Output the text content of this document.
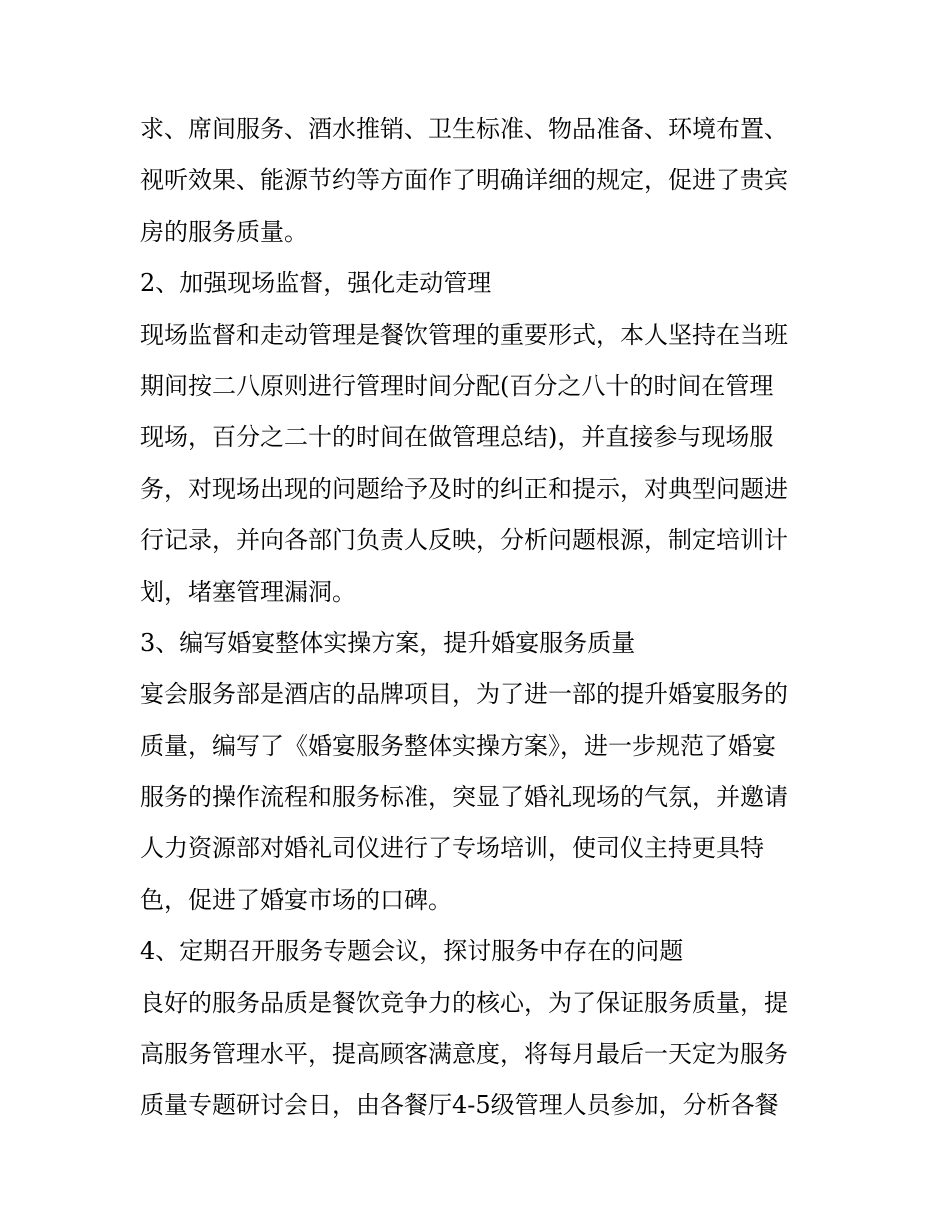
求、席间服务、酒水推销、卫生标准、物品准备、环境布置、
视听效果、能源节约等方面作了明确详细的规定，促进了贵宾
房的服务质量。
2、加强现场监督，强化走动管理
现场监督和走动管理是餐饮管理的重要形式，本人坚持在当班
期间按二八原则进行管理时间分配(百分之八十的时间在管理
现场，百分之二十的时间在做管理总结)，并直接参与现场服
务，对现场出现的问题给予及时的纠正和提示，对典型问题进
行记录，并向各部门负责人反映，分析问题根源，制定培训计
划，堵塞管理漏洞。
3、编写婚宴整体实操方案，提升婚宴服务质量
宴会服务部是酒店的品牌项目，为了进一部的提升婚宴服务的
质量，编写了《婚宴服务整体实操方案》，进一步规范了婚宴
服务的操作流程和服务标准，突显了婚礼现场的气氛，并邀请
人力资源部对婚礼司仪进行了专场培训，使司仪主持更具特
色，促进了婚宴市场的口碑。
4、定期召开服务专题会议，探讨服务中存在的问题
良好的服务品质是餐饮竞争力的核心，为了保证服务质量，提
高服务管理水平，提高顾客满意度，将每月最后一天定为服务
质量专题研讨会日，由各餐厅4-5级管理人员参加，分析各餐
